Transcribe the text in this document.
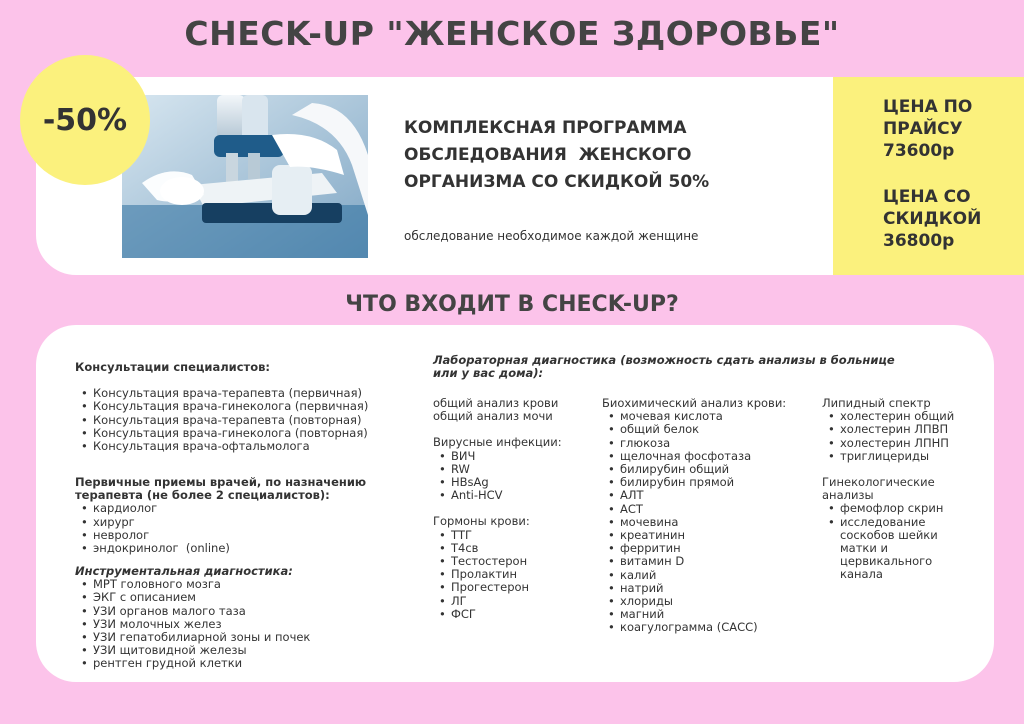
CHECK-UP "ЖЕНСКОЕ ЗДОРОВЬЕ"
ЦЕНА ПО
ПРАЙСУ
73600р
ЦЕНА СО
СКИДКОЙ
36800р
-50%	КОМПЛЕКСНАЯ ПРОГРАММА
ОБСЛЕДОВАНИЯ  ЖЕНСКОГО
ОРГАНИЗМА СО СКИДКОЙ 50%
обследование необходимое каждой женщине
ЧТО ВХОДИТ В CHECK-UP?
Консультации специалистов:
• Консультация врача-терапевта (первичная)
• Консультация врача-гинеколога (первичная)
• Консультация врача-терапевта (повторная)
• Консультация врача-гинеколога (повторная)
• Консультация врача-офтальмолога
Первичные приемы врачей, по назначению
терапевта (не более 2 специалистов):
• кардиолог
• хирург
• невролог
• эндокринолог  (online)
Инструментальная диагностика:
• МРТ головного мозга
• ЭКГ с описанием
• УЗИ органов малого таза
• УЗИ молочных желез
• УЗИ гепатобилиарной зоны и почек
• УЗИ щитовидной железы
• рентген грудной клетки
Лабораторная диагностика (возможность сдать анализы в больнице
или у вас дома):
общий анализ крови
общий анализ мочи
Вирусные инфекции:
• ВИЧ
• RW
• HBsAg
• Anti-HCV
Гормоны крови:
• ТТГ
• Т4св
• Тестостерон
• Пролактин
• Прогестерон
• ЛГ
• ФСГ
Биохимический анализ крови:
• мочевая кислота
• общий белок
• глюкоза
• щелочная фосфотаза
• билирубин общий
• билирубин прямой
• АЛТ
• АСТ
• мочевина
• креатинин
• ферритин
• витамин D
• калий
• натрий
• хлориды
• магний
• коагулограмма (САСС)
Липидный спектр
• холестерин общий
• холестерин ЛПВП
• холестерин ЛПНП
• триглицериды
Гинекологические
анализы
• фемофлор скрин
• исследование
соскобов шейки
матки и
цервикального
канала
